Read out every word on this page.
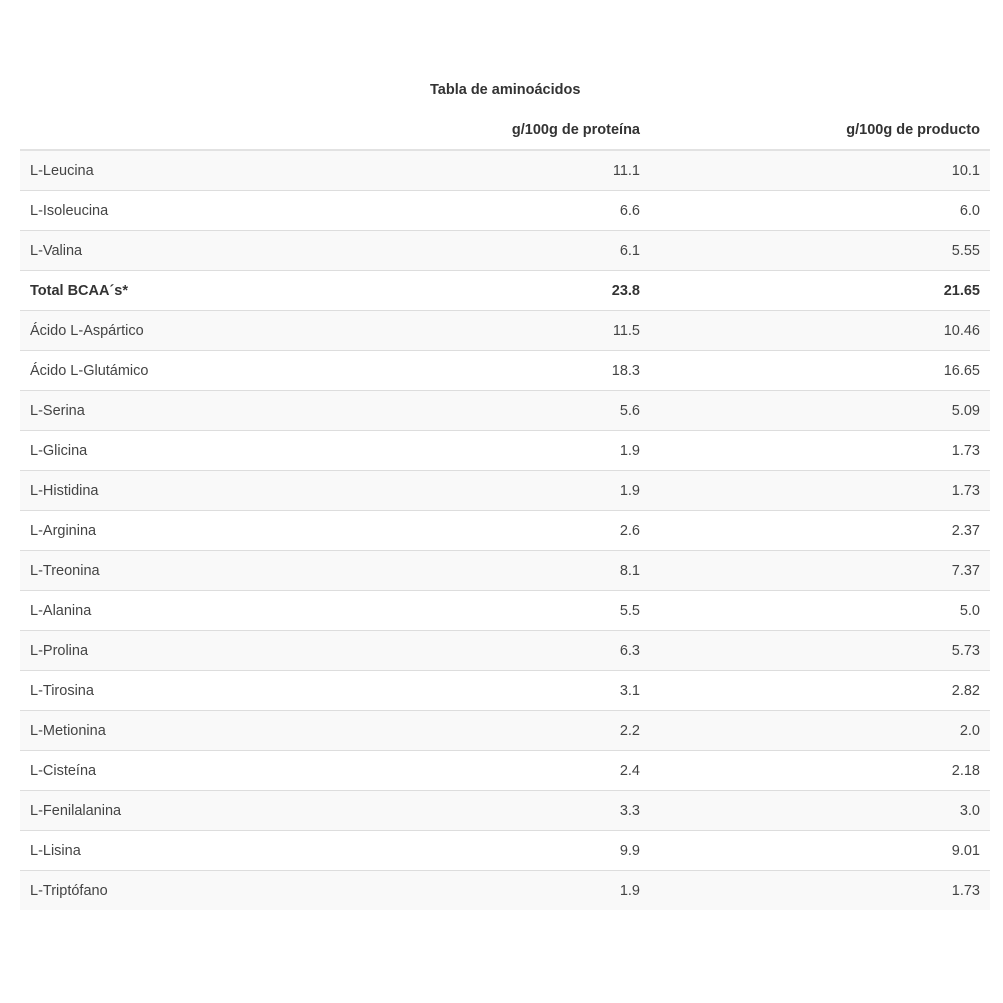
Tabla de aminoácidos
	g/100g de proteína	g/100g de producto
L-Leucina	11.1	10.1
L-Isoleucina	6.6	6.0
L-Valina	6.1	5.55
Total BCAA´s*	23.8	21.65
Ácido L-Aspártico	11.5	10.46
Ácido L-Glutámico	18.3	16.65
L-Serina	5.6	5.09
L-Glicina	1.9	1.73
L-Histidina	1.9	1.73
L-Arginina	2.6	2.37
L-Treonina	8.1	7.37
L-Alanina	5.5	5.0
L-Prolina	6.3	5.73
L-Tirosina	3.1	2.82
L-Metionina	2.2	2.0
L-Cisteína	2.4	2.18
L-Fenilalanina	3.3	3.0
L-Lisina	9.9	9.01
L-Triptófano	1.9	1.73
